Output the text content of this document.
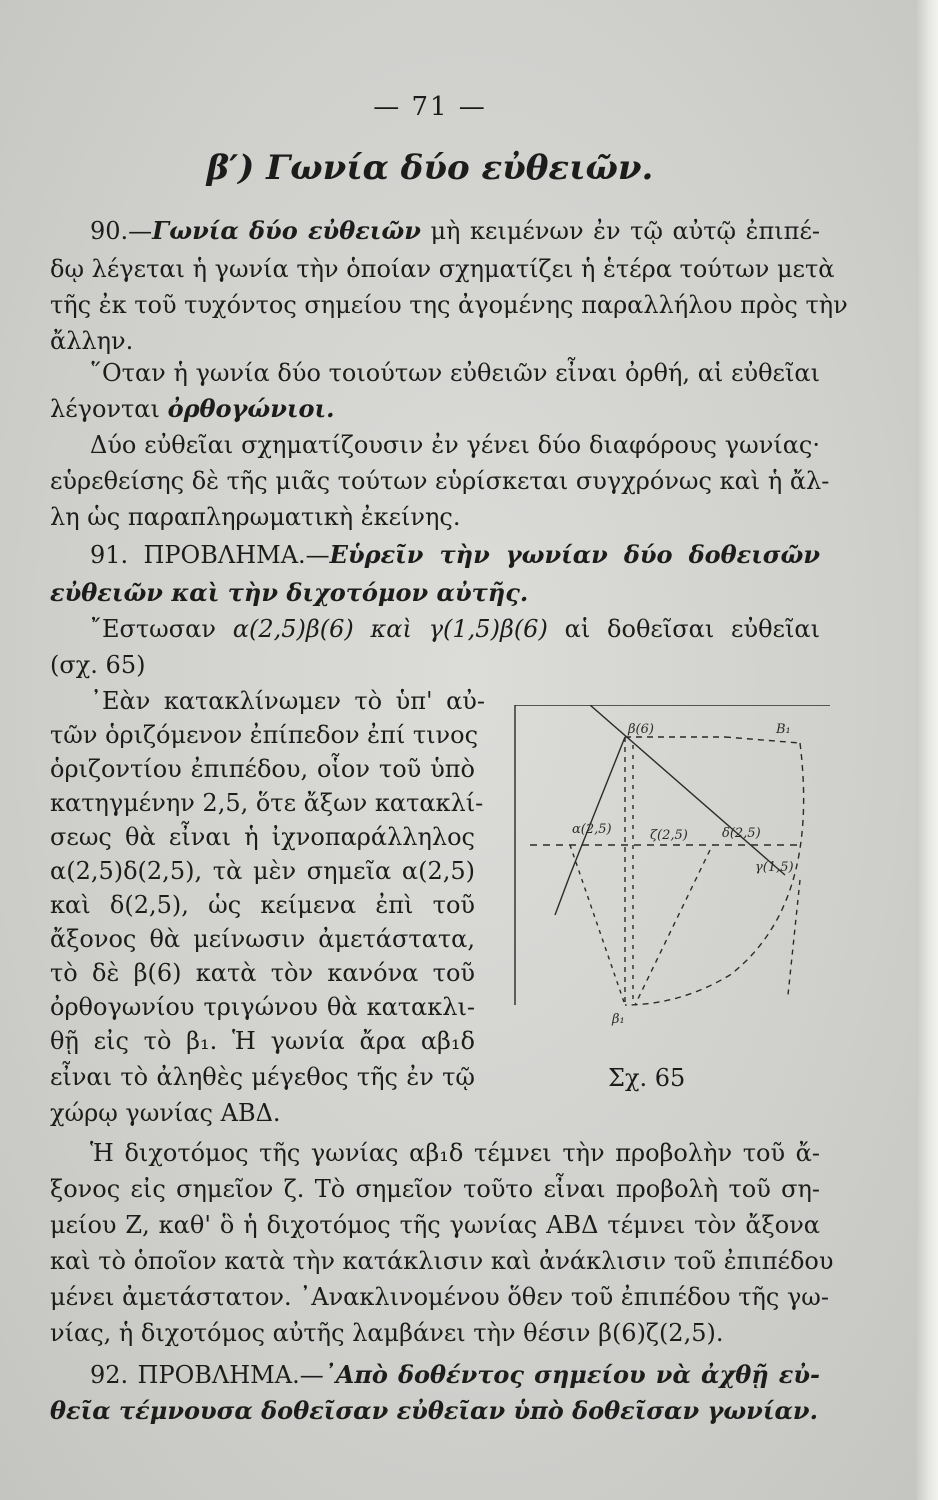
— 71 —
β′) Γωνία δύο εὐθειῶν.
90.—Γωνία δύο εὐθειῶν μὴ κειμένων ἐν τῷ αὐτῷ ἐπιπέ-
δῳ λέγεται ἡ γωνία τὴν ὁποίαν σχηματίζει ἡ ἑτέρα τούτων μετὰ
τῆς ἐκ τοῦ τυχόντος σημείου της ἀγομένης παραλλήλου πρὸς τὴν
ἄλλην.
῞Οταν ἡ γωνία δύο τοιούτων εὐθειῶν εἶναι ὀρθή, αἱ εὐθεῖαι
λέγονται ὀρθογώνιοι.
Δύο εὐθεῖαι σχηματίζουσιν ἐν γένει δύο διαφόρους γωνίας·
εὑρεθείσης δὲ τῆς μιᾶς τούτων εὑρίσκεται συγχρόνως καὶ ἡ ἄλ-
λη ὡς παραπληρωματικὴ ἐκείνης.
91. ΠΡΟΒΛΗΜΑ.—Εὑρεῖν τὴν γωνίαν δύο δοθεισῶν
εὐθειῶν καὶ τὴν διχοτόμον αὐτῆς.
῎Εστωσαν α(2,5)β(6) καὶ γ(1,5)β(6) αἱ δοθεῖσαι εὐθεῖαι
(σχ. 65)
᾿Εὰν κατακλίνωμεν τὸ ὑπ' αὐ-
τῶν ὁριζόμενον ἐπίπεδον ἐπί τινος
ὁριζοντίου ἐπιπέδου, οἷον τοῦ ὑπὸ
κατηγμένην 2,5, ὅτε ἄξων κατακλί-
σεως θὰ εἶναι ἡ ἰχνοπαράλληλος
α(2,5)δ(2,5), τὰ μὲν σημεῖα α(2,5)
καὶ δ(2,5), ὡς κείμενα ἐπὶ τοῦ
ἄξονος θὰ μείνωσιν ἀμετάστατα,
τὸ δὲ β(6) κατὰ τὸν κανόνα τοῦ
ὀρθογωνίου τριγώνου θὰ κατακλι-
θῇ εἰς τὸ β₁. Ἡ γωνία ἄρα αβ₁δ
εἶναι τὸ ἀληθὲς μέγεθος τῆς ἐν τῷ
χώρῳ γωνίας ΑΒΔ.
Ἡ διχοτόμος τῆς γωνίας αβ₁δ τέμνει τὴν προβολὴν τοῦ ἄ-
ξονος εἰς σημεῖον ζ. Τὸ σημεῖον τοῦτο εἶναι προβολὴ τοῦ ση-
μείου Ζ, καθ' ὃ ἡ διχοτόμος τῆς γωνίας ΑΒΔ τέμνει τὸν ἄξονα
καὶ τὸ ὁποῖον κατὰ τὴν κατάκλισιν καὶ ἀνάκλισιν τοῦ ἐπιπέδου
μένει ἀμετάστατον. ᾿Ανακλινομένου ὅθεν τοῦ ἐπιπέδου τῆς γω-
νίας, ἡ διχοτόμος αὐτῆς λαμβάνει τὴν θέσιν β(6)ζ(2,5).
92. ΠΡΟΒΛΗΜΑ.—᾿Απὸ δοθέντος σημείου νὰ ἀχθῇ εὐ-
θεῖα τέμνουσα δοθεῖσαν εὐθεῖαν ὑπὸ δοθεῖσαν γωνίαν.
β(6)	B₁
α(2,5)	δ(2,5)
ζ(2,5)
γ(1,5)
β₁
Σχ. 65
